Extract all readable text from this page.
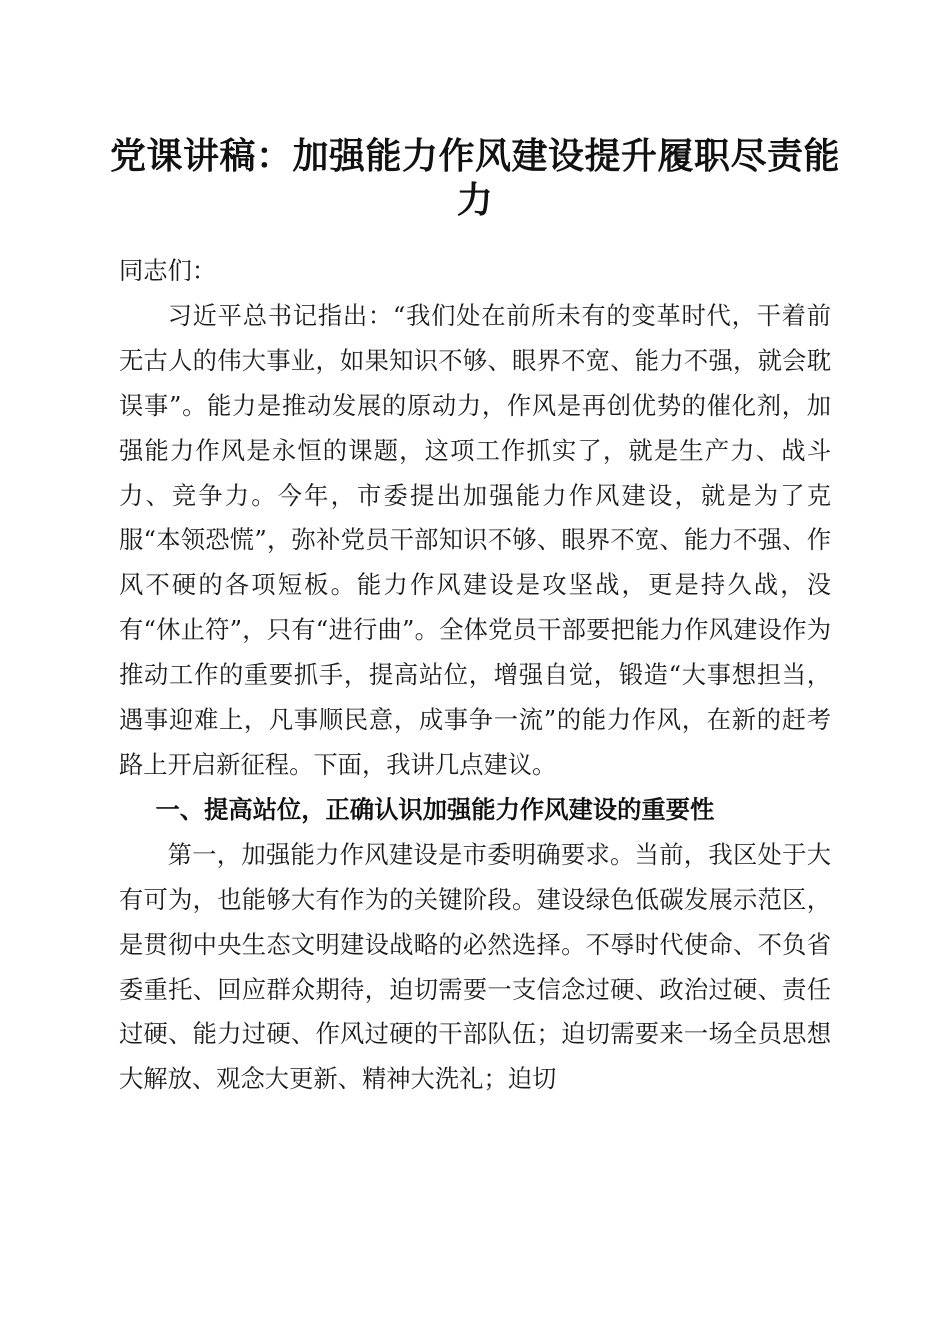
党课讲稿：加强能力作风建设提升履职尽责能力

同志们：

习近平总书记指出：“我们处在前所未有的变革时代，干着前无古人的伟大事业，如果知识不够、眼界不宽、能力不强，就会耽误事”。能力是推动发展的原动力，作风是再创优势的催化剂，加强能力作风是永恒的课题，这项工作抓实了，就是生产力、战斗力、竞争力。今年，市委提出加强能力作风建设，就是为了克服“本领恐慌”，弥补党员干部知识不够、眼界不宽、能力不强、作风不硬的各项短板。能力作风建设是攻坚战，更是持久战，没有“休止符”，只有“进行曲”。全体党员干部要把能力作风建设作为推动工作的重要抓手，提高站位，增强自觉，锻造“大事想担当，遇事迎难上，凡事顺民意，成事争一流”的能力作风，在新的赶考路上开启新征程。下面，我讲几点建议。

一、提高站位，正确认识加强能力作风建设的重要性

第一，加强能力作风建设是市委明确要求。当前，我区处于大有可为，也能够大有作为的关键阶段。建设绿色低碳发展示范区，是贯彻中央生态文明建设战略的必然选择。不辱时代使命、不负省委重托、回应群众期待，迫切需要一支信念过硬、政治过硬、责任过硬、能力过硬、作风过硬的干部队伍；迫切需要来一场全员思想大解放、观念大更新、精神大洗礼；迫切
